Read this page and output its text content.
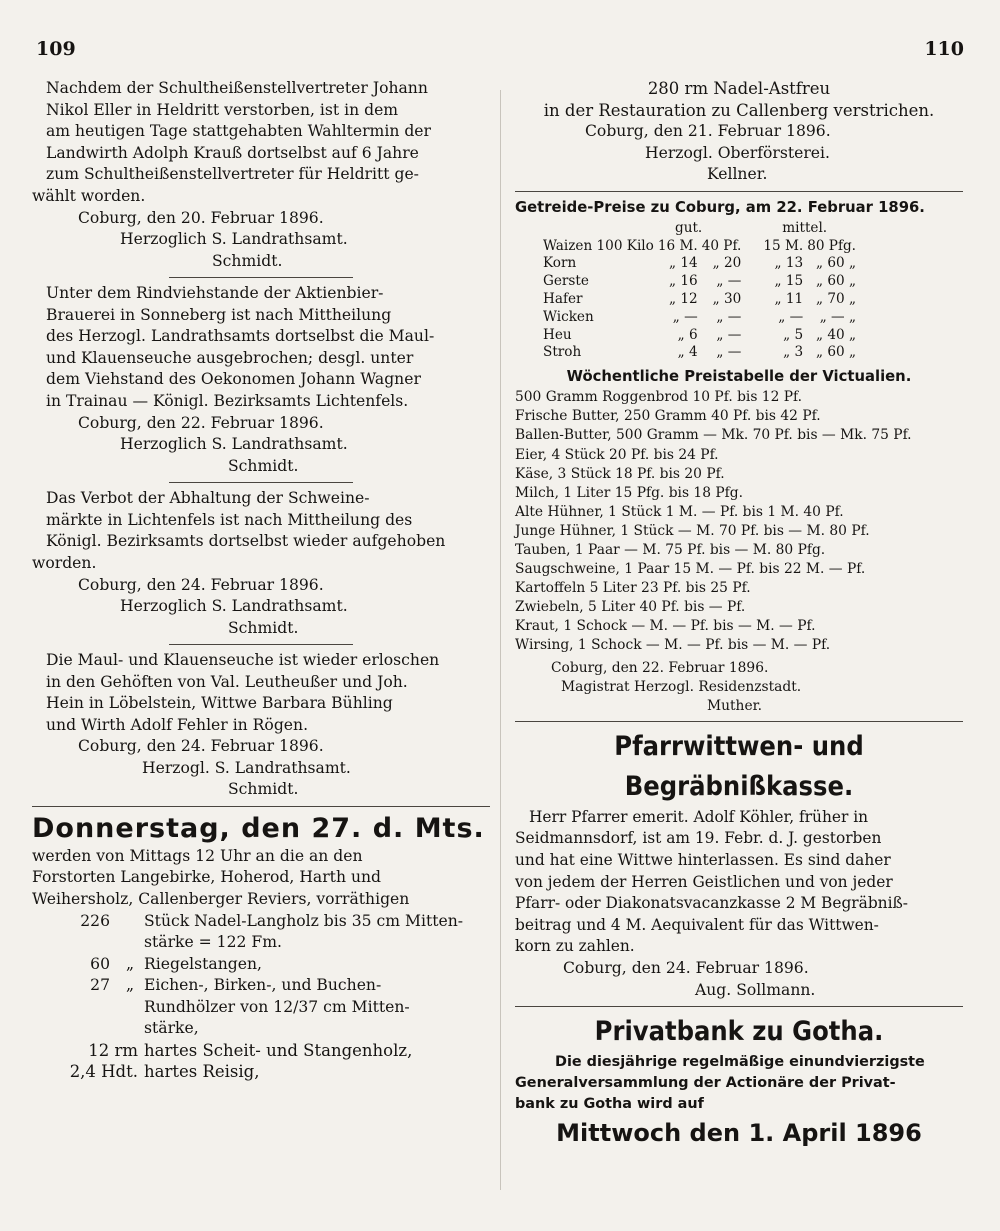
109	110

Nachdem der Schultheißenstellvertreter Johann

Nikol Eller in Heldritt verstorben, ist in dem

am heutigen Tage stattgehabten Wahltermin der

Landwirth Adolph Krauß dortselbst auf 6 Jahre

zum Schultheißenstellvertreter für Heldritt ge-

wählt worden.

Coburg, den 20. Februar 1896.
Herzoglich S. Landrathsamt.
Schmidt.

Unter dem Rindviehstande der Aktienbier-

Brauerei in Sonneberg ist nach Mittheilung

des Herzogl. Landrathsamts dortselbst die Maul-

und Klauenseuche ausgebrochen; desgl. unter

dem Viehstand des Oekonomen Johann Wagner

in Trainau — Königl. Bezirksamts Lichtenfels.

Coburg, den 22. Februar 1896.
Herzoglich S. Landrathsamt.
Schmidt.

Das Verbot der Abhaltung der Schweine-

märkte in Lichtenfels ist nach Mittheilung des

Königl. Bezirksamts dortselbst wieder aufgehoben

worden.

Coburg, den 24. Februar 1896.
Herzoglich S. Landrathsamt.
Schmidt.

Die Maul- und Klauenseuche ist wieder erloschen

in den Gehöften von Val. Leutheußer und Joh.

Hein in Löbelstein, Wittwe Barbara Bühling

und Wirth Adolf Fehler in Rögen.

Coburg, den 24. Februar 1896.
Herzogl. S. Landrathsamt.
Schmidt.
Donnerstag, den 27. d. Mts.

werden von Mittags 12 Uhr an die an den

Forstorten Langebirke, Hoherod, Harth und

Weihersholz, Callenberger Reviers, vorräthigen

226	Stück Nadel-Langholz bis 35 cm Mitten-
stärke = 122 Fm.
60	„ Riegelstangen,
27	„ Eichen-, Birken-, und Buchen-
Rundhölzer von 12/37 cm Mitten-
stärke,
12 rm hartes Scheit- und Stangenholz,
2,4 Hdt. hartes Reisig,

280 rm Nadel-Astfreu

in der Restauration zu Callenberg verstrichen.

Coburg, den 21. Februar 1896.
Herzogl. Oberförsterei.
Kellner.
Getreide-Preise zu Coburg, am 22. Februar 1896.
gut.	mittel.
Waizen 100 Kilo	16 M.	40 Pf.	15 M.	80 Pfg.
Korn	„ 14	„ 20	„ 13	„ 60 „
Gerste	„ 16	„ —	„ 15	„ 60 „
Hafer	„ 12	„ 30	„ 11	„ 70 „
Wicken	„ —	„ —	„ —	„ — „
Heu	„ 6	„ —	„ 5	„ 40 „
Stroh	„ 4	„ —	„ 3	„ 60 „
Wöchentliche Preistabelle der Victualien.

500 Gramm Roggenbrod 10 Pf. bis 12 Pf.

Frische Butter, 250 Gramm 40 Pf. bis 42 Pf.

Ballen-Butter, 500 Gramm — Mk. 70 Pf. bis — Mk. 75 Pf.

Eier, 4 Stück 20 Pf. bis 24 Pf.

Käse, 3 Stück 18 Pf. bis 20 Pf.

Milch, 1 Liter 15 Pfg. bis 18 Pfg.

Alte Hühner, 1 Stück 1 M. — Pf. bis 1 M. 40 Pf.

Junge Hühner, 1 Stück — M. 70 Pf. bis — M. 80 Pf.

Tauben, 1 Paar — M. 75 Pf. bis — M. 80 Pfg.

Saugschweine, 1 Paar 15 M. — Pf. bis 22 M. — Pf.

Kartoffeln 5 Liter 23 Pf. bis 25 Pf.

Zwiebeln, 5 Liter 40 Pf. bis — Pf.

Kraut, 1 Schock — M. — Pf. bis — M. — Pf.

Wirsing, 1 Schock — M. — Pf. bis — M. — Pf.

Coburg, den 22. Februar 1896.
Magistrat Herzogl. Residenzstadt.
Muther.
Pfarrwittwen- und Begräbnißkasse.

Herr Pfarrer emerit. Adolf Köhler, früher in

Seidmannsdorf, ist am 19. Febr. d. J. gestorben

und hat eine Wittwe hinterlassen. Es sind daher

von jedem der Herren Geistlichen und von jeder

Pfarr- oder Diakonatsvacanzkasse 2 M Begräbniß-

beitrag und 4 M. Aequivalent für das Wittwen-

korn zu zahlen.

Coburg, den 24. Februar 1896.
Aug. Sollmann.
Privatbank zu Gotha.

Die diesjährige regelmäßige einundvierzigste

Generalversammlung der Actionäre der Privat-

bank zu Gotha wird auf

Mittwoch den 1. April 1896
